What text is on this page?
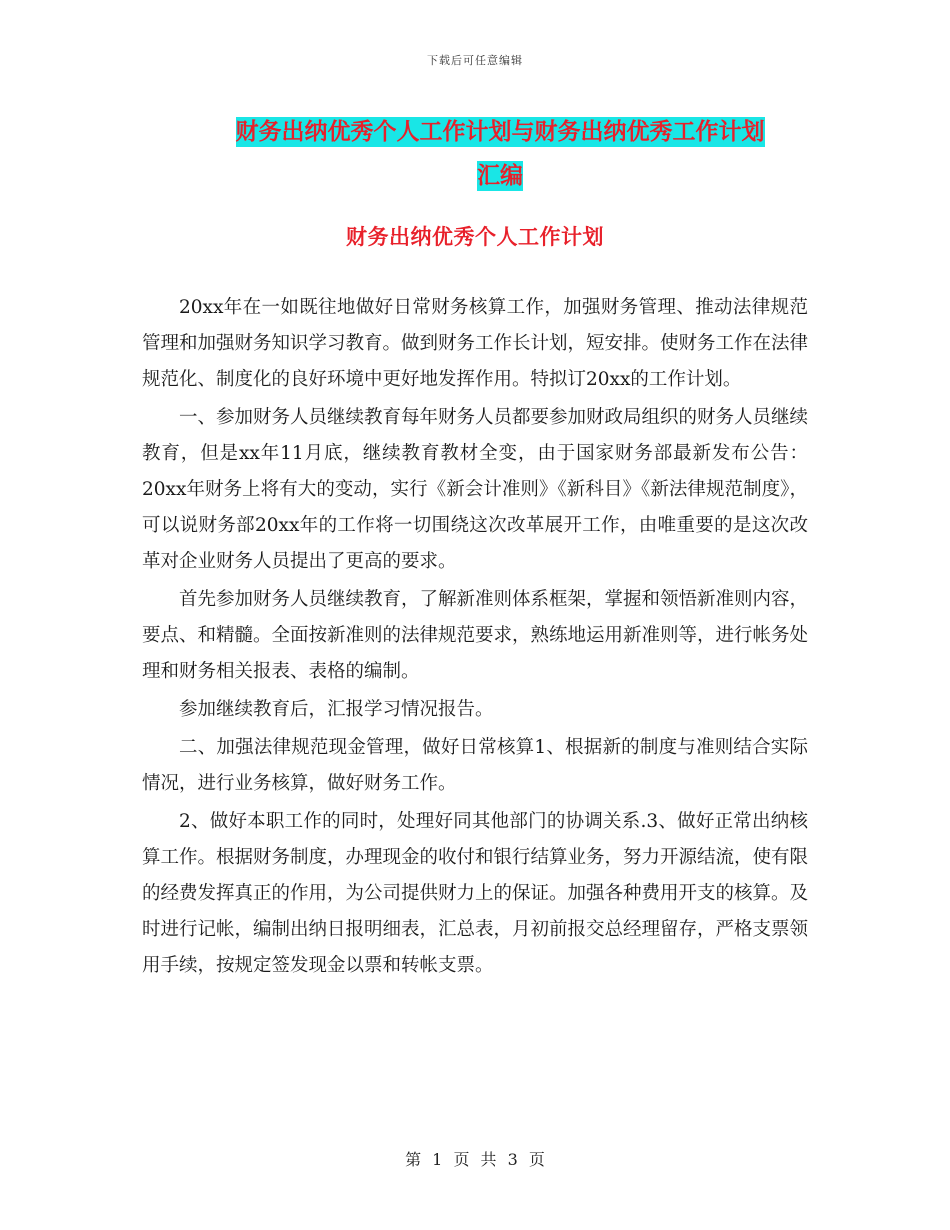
下载后可任意编辑
财务出纳优秀个人工作计划与财务出纳优秀工作计划
汇编
财务出纳优秀个人工作计划

20xx年在一如既往地做好日常财务核算工作，加强财务管理、推动法律规范管理和加强财务知识学习教育。做到财务工作长计划，短安排。使财务工作在法律规范化、制度化的良好环境中更好地发挥作用。特拟订20xx的工作计划。

一、参加财务人员继续教育每年财务人员都要参加财政局组织的财务人员继续教育，但是xx年11月底，继续教育教材全变，由于国家财务部最新发布公告：20xx年财务上将有大的变动，实行《新会计准则》《新科目》《新法律规范制度》，可以说财务部20xx年的工作将一切围绕这次改革展开工作，由唯重要的是这次改革对企业财务人员提出了更高的要求。

首先参加财务人员继续教育，了解新准则体系框架，掌握和领悟新准则内容，要点、和精髓。全面按新准则的法律规范要求，熟练地运用新准则等，进行帐务处理和财务相关报表、表格的编制。

参加继续教育后，汇报学习情况报告。

二、加强法律规范现金管理，做好日常核算1、根据新的制度与准则结合实际情况，进行业务核算，做好财务工作。

2、做好本职工作的同时，处理好同其他部门的协调关系.3、做好正常出纳核算工作。根据财务制度，办理现金的收付和银行结算业务，努力开源结流，使有限的经费发挥真正的作用，为公司提供财力上的保证。加强各种费用开支的核算。及时进行记帐，编制出纳日报明细表，汇总表，月初前报交总经理留存，严格支票领用手续，按规定签发现金以票和转帐支票。

第 1 页 共 3 页
